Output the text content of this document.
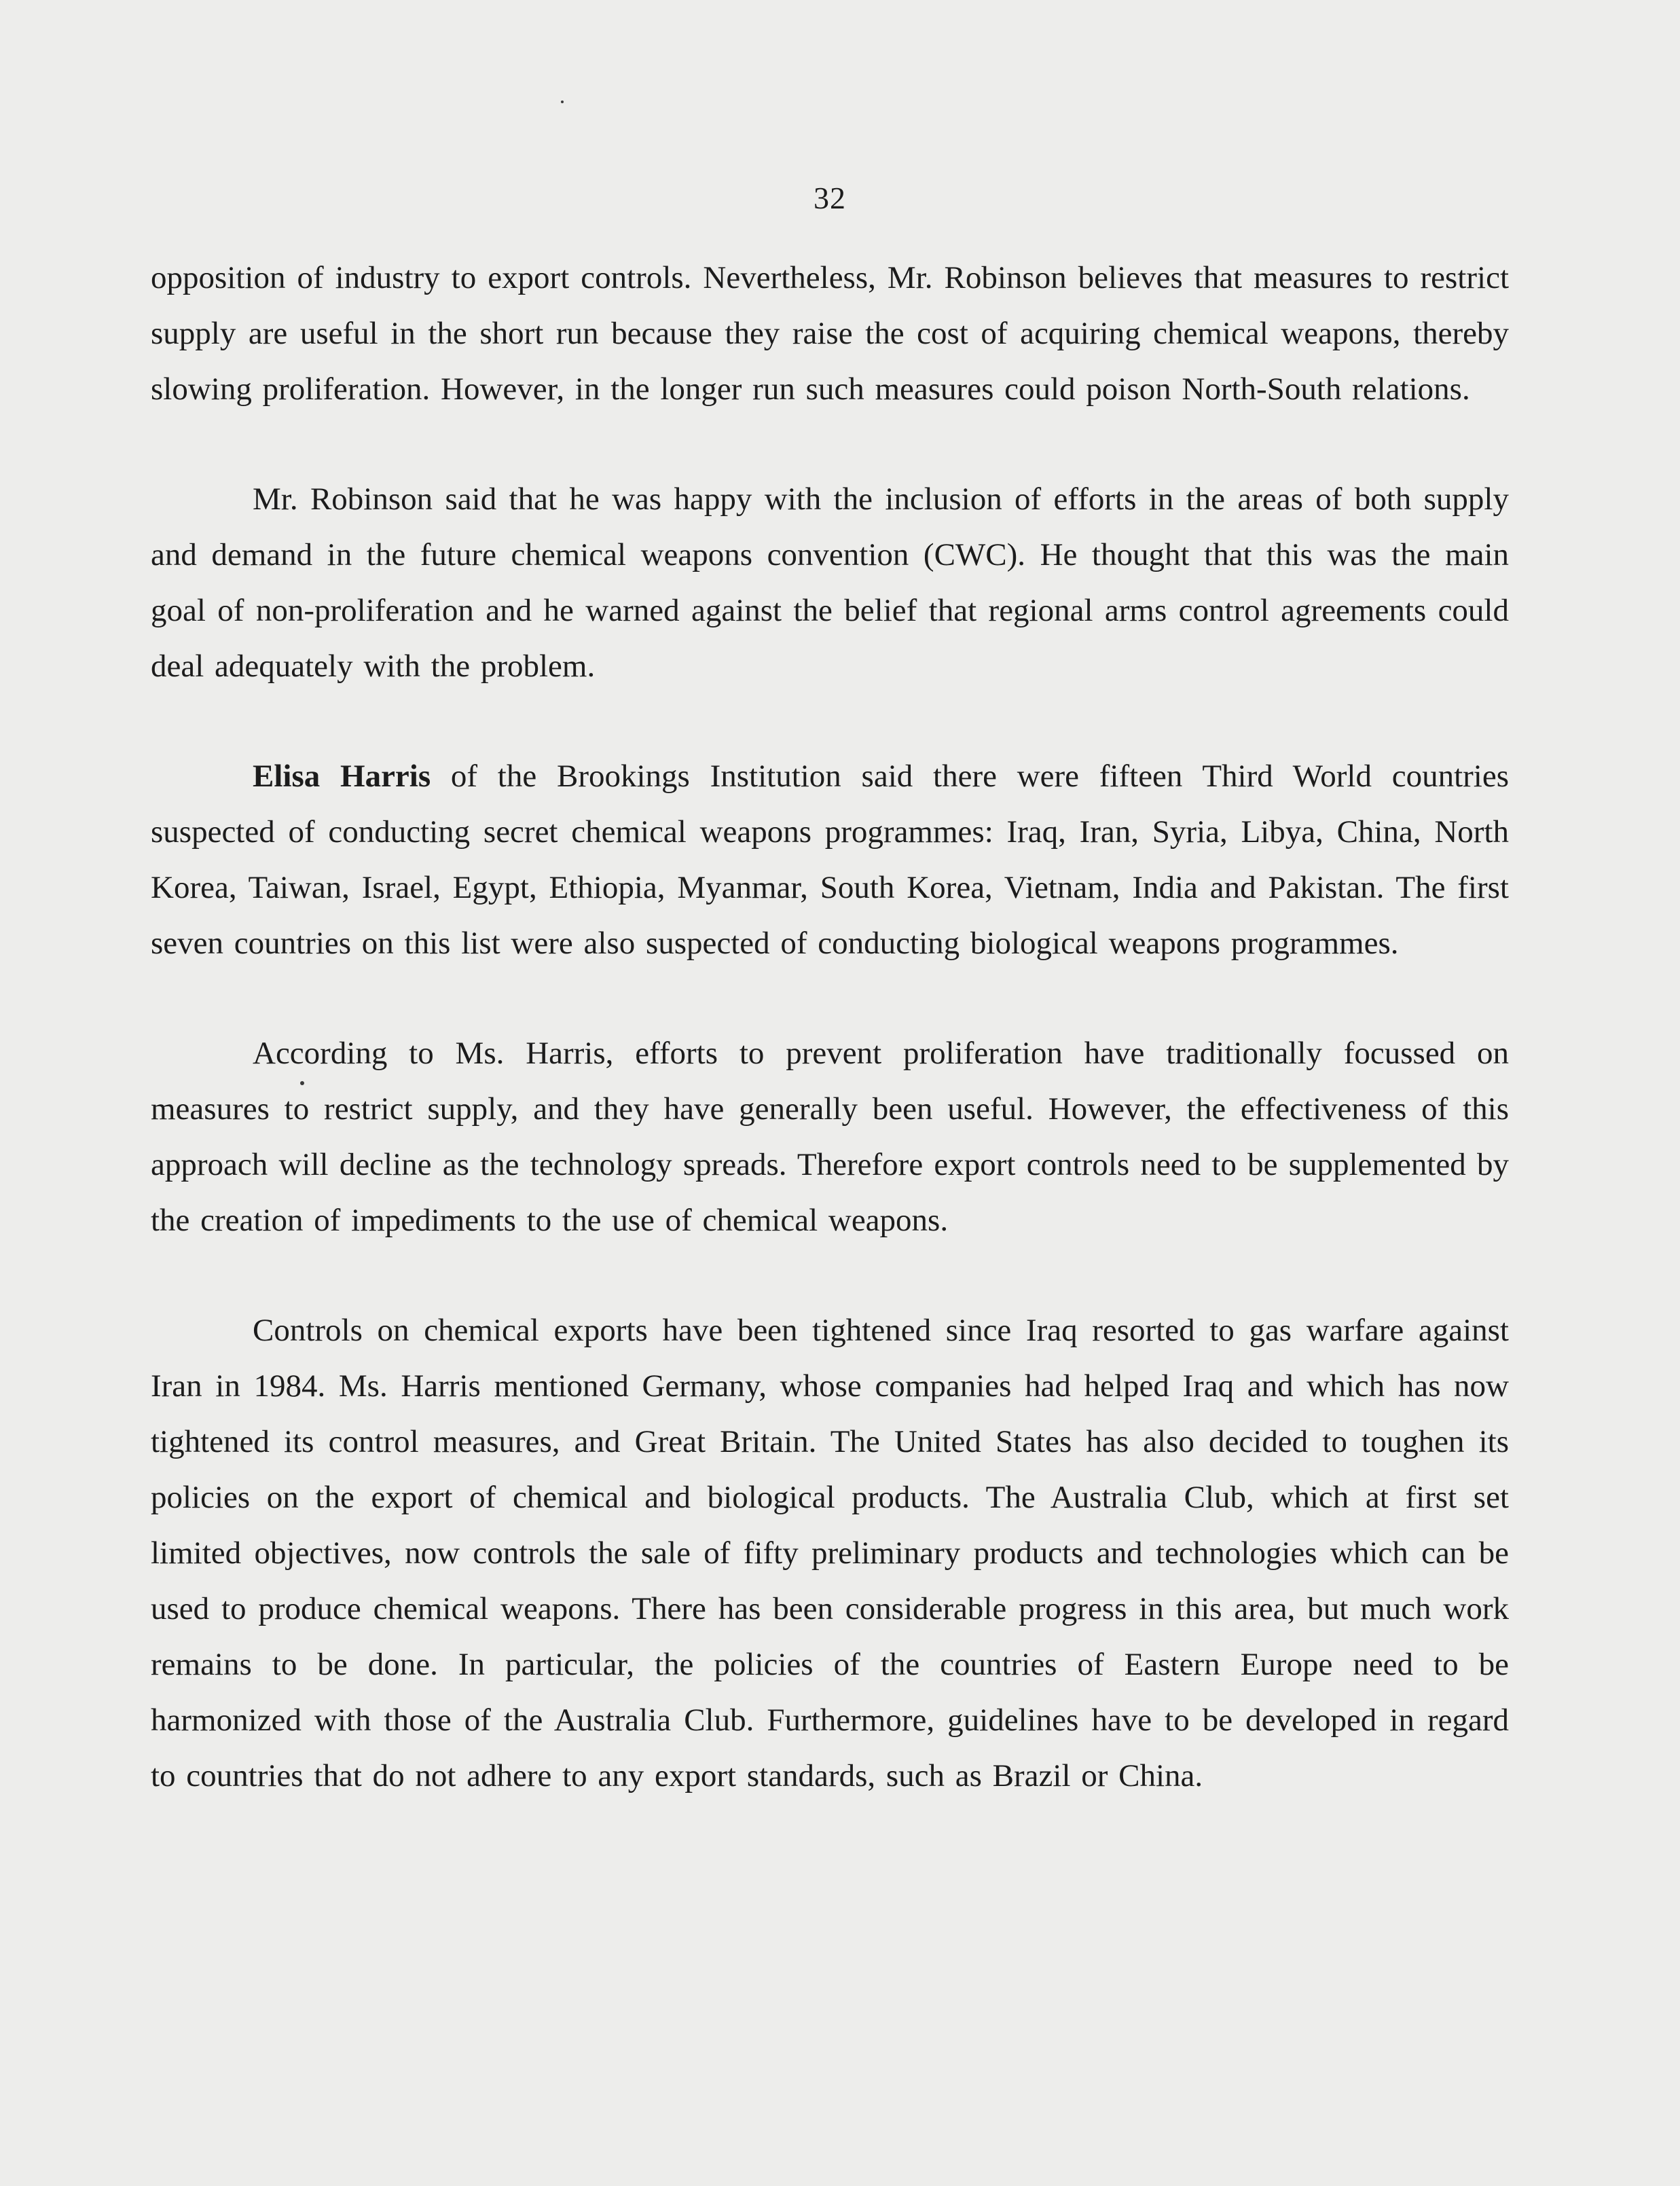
32

opposition of industry to export controls. Nevertheless, Mr. Robinson believes that measures to restrict supply are useful in the short run because they raise the cost of acquiring chemical weapons, thereby slowing proliferation. However, in the longer run such measures could poison North-South relations.

Mr. Robinson said that he was happy with the inclusion of efforts in the areas of both supply and demand in the future chemical weapons convention (CWC). He thought that this was the main goal of non-proliferation and he warned against the belief that regional arms control agreements could deal adequately with the problem.

Elisa Harris of the Brookings Institution said there were fifteen Third World countries suspected of conducting secret chemical weapons programmes: Iraq, Iran, Syria, Libya, China, North Korea, Taiwan, Israel, Egypt, Ethiopia, Myanmar, South Korea, Vietnam, India and Pakistan. The first seven countries on this list were also suspected of conducting biological weapons programmes.

According to Ms. Harris, efforts to prevent proliferation have traditionally focussed on measures to restrict supply, and they have generally been useful. However, the effectiveness of this approach will decline as the technology spreads. Therefore export controls need to be supplemented by the creation of impediments to the use of chemical weapons.

Controls on chemical exports have been tightened since Iraq resorted to gas warfare against Iran in 1984. Ms. Harris mentioned Germany, whose companies had helped Iraq and which has now tightened its control measures, and Great Britain. The United States has also decided to toughen its policies on the export of chemical and biological products. The Australia Club, which at first set limited objectives, now controls the sale of fifty preliminary products and technologies which can be used to produce chemical weapons. There has been considerable progress in this area, but much work remains to be done. In particular, the policies of the countries of Eastern Europe need to be harmonized with those of the Australia Club. Furthermore, guidelines have to be developed in regard to countries that do not adhere to any export standards, such as Brazil or China.
